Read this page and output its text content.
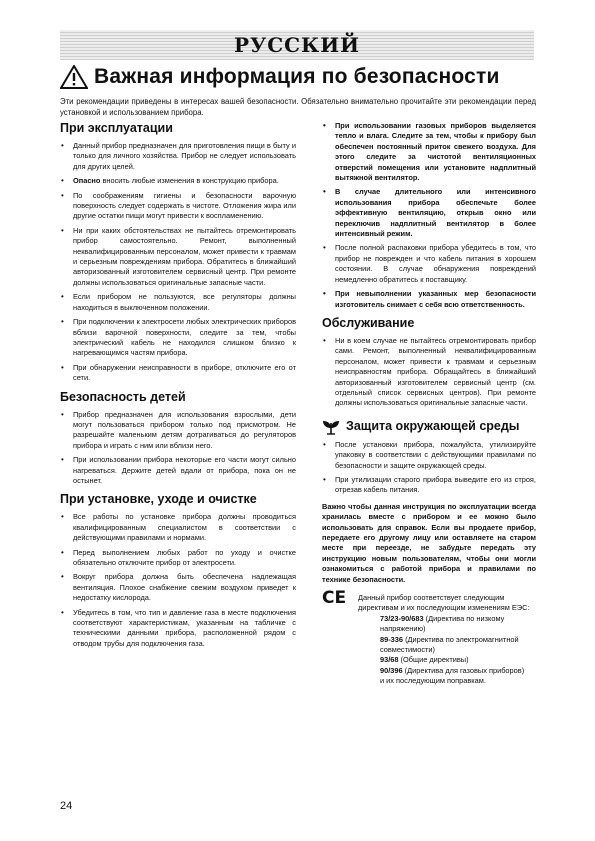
РУССКИЙ
Важная информация по безопасности
Эти рекомендации приведены в интересах вашей безопасности. Обязательно внимательно прочитайте эти рекомендации перед установкой и использованием прибора.
При эксплуатации
• Данный прибор предназначен для приготовления пищи в быту и только для личного хозяйства. Прибор не следует использовать для других целей.
• Опасно вносить любые изменения в конструкцию прибора.
• По соображениям гигиены и безопасности варочную поверхность следует содержать в чистоте. Отложения жира или другие остатки пищи могут привести к воспламенению.
• Ни при каких обстоятельствах не пытайтесь отремонтировать прибор самостоятельно. Ремонт, выполненный неквалифицированным персоналом, может привести к травмам и серьезным повреждениям прибора. Обратитесь в ближайший авторизованный изготовителем сервисный центр. При ремонте должны использоваться оригинальные запасные части.
• Если прибором не пользуются, все регуляторы должны находиться в выключенном положении.
• При подключении к электросети любых электрических приборов вблизи варочной поверхности, следите за тем, чтобы электрический кабель не находился слишком близко к нагревающимся частям прибора.
• При обнаружении неисправности в приборе, отключите его от сети.
Безопасность детей
• Прибор предназначен для использования взрослыми, дети могут пользоваться прибором только под присмотром. Не разрешайте маленьким детям дотрагиваться до регуляторов прибора и играть с ним или вблизи него.
• При использовании прибора некоторые его части могут сильно нагреваться. Держите детей вдали от прибора, пока он не остынет.
При установке, уходе и очистке
• Все работы по установке прибора должны проводиться квалифицированным специалистом в соответствии с действующими правилами и нормами.
• Перед выполнением любых работ по уходу и очистке обязательно отключите прибор от электросети.
• Вокруг прибора должна быть обеспечена надлежащая вентиляция. Плохое снабжение свежим воздухом приведет к недостатку кислорода.
• Убедитесь в том, что тип и давление газа в месте подключения соответствуют характеристикам, указанным на табличке с техническими данными прибора, расположенной рядом с отводом трубы для подключения газа.
• При использовании газовых приборов выделяется тепло и влага. Следите за тем, чтобы к прибору был обеспечен постоянный приток свежего воздуха. Для этого следите за чистотой вентиляционных отверстий помещения или установите надплитный вытяжной вентилятор.
• В случае длительного или интенсивного использования прибора обеспечьте более эффективную вентиляцию, открыв окно или переключив надплитный вентилятор в более интенсивный режим.
• После полной распаковки прибора убедитесь в том, что прибор не поврежден и что кабель питания в хорошем состоянии. В случае обнаружения повреждений немедленно обратитесь к поставщику.
• При невыполнении указанных мер безопасности изготовитель снимает с себя всю ответственность.
Обслуживание
• Ни в коем случае не пытайтесь отремонтировать прибор сами. Ремонт, выполненный неквалифицированным персоналом, может привести к травмам и серьезным неисправностям прибора. Обращайтесь в ближайший авторизованный изготовителем сервисный центр (см. отдельный список сервисных центров). При ремонте должны использоваться оригинальные запасные части.
Защита окружающей среды
• После установки прибора, пожалуйста, утилизируйте упаковку в соответствии с действующими правилами по безопасности и защите окружающей среды.
• При утилизации старого прибора выведите его из строя, отрезав кабель питания.
Важно чтобы данная инструкция по эксплуатации всегда хранилась вместе с прибором и ее можно было использовать для справок. Если вы продаете прибор, передаете его другому лицу или оставляете на старом месте при переезде, не забудьте передать эту инструкцию новым пользователям, чтобы они могли ознакомиться с работой прибора и правилами по технике безопасности.
CE	Данный прибор соответствует следующим директивам и их последующим изменениям ЕЭС:

73/23-90/683 (Директива по низкому напряжению)

89-336 (Директива по электромагнитной совместимости)

93/68 (Общие директивы)

90/396 (Директива для газовых приборов)

и их последующим поправкам.

24
